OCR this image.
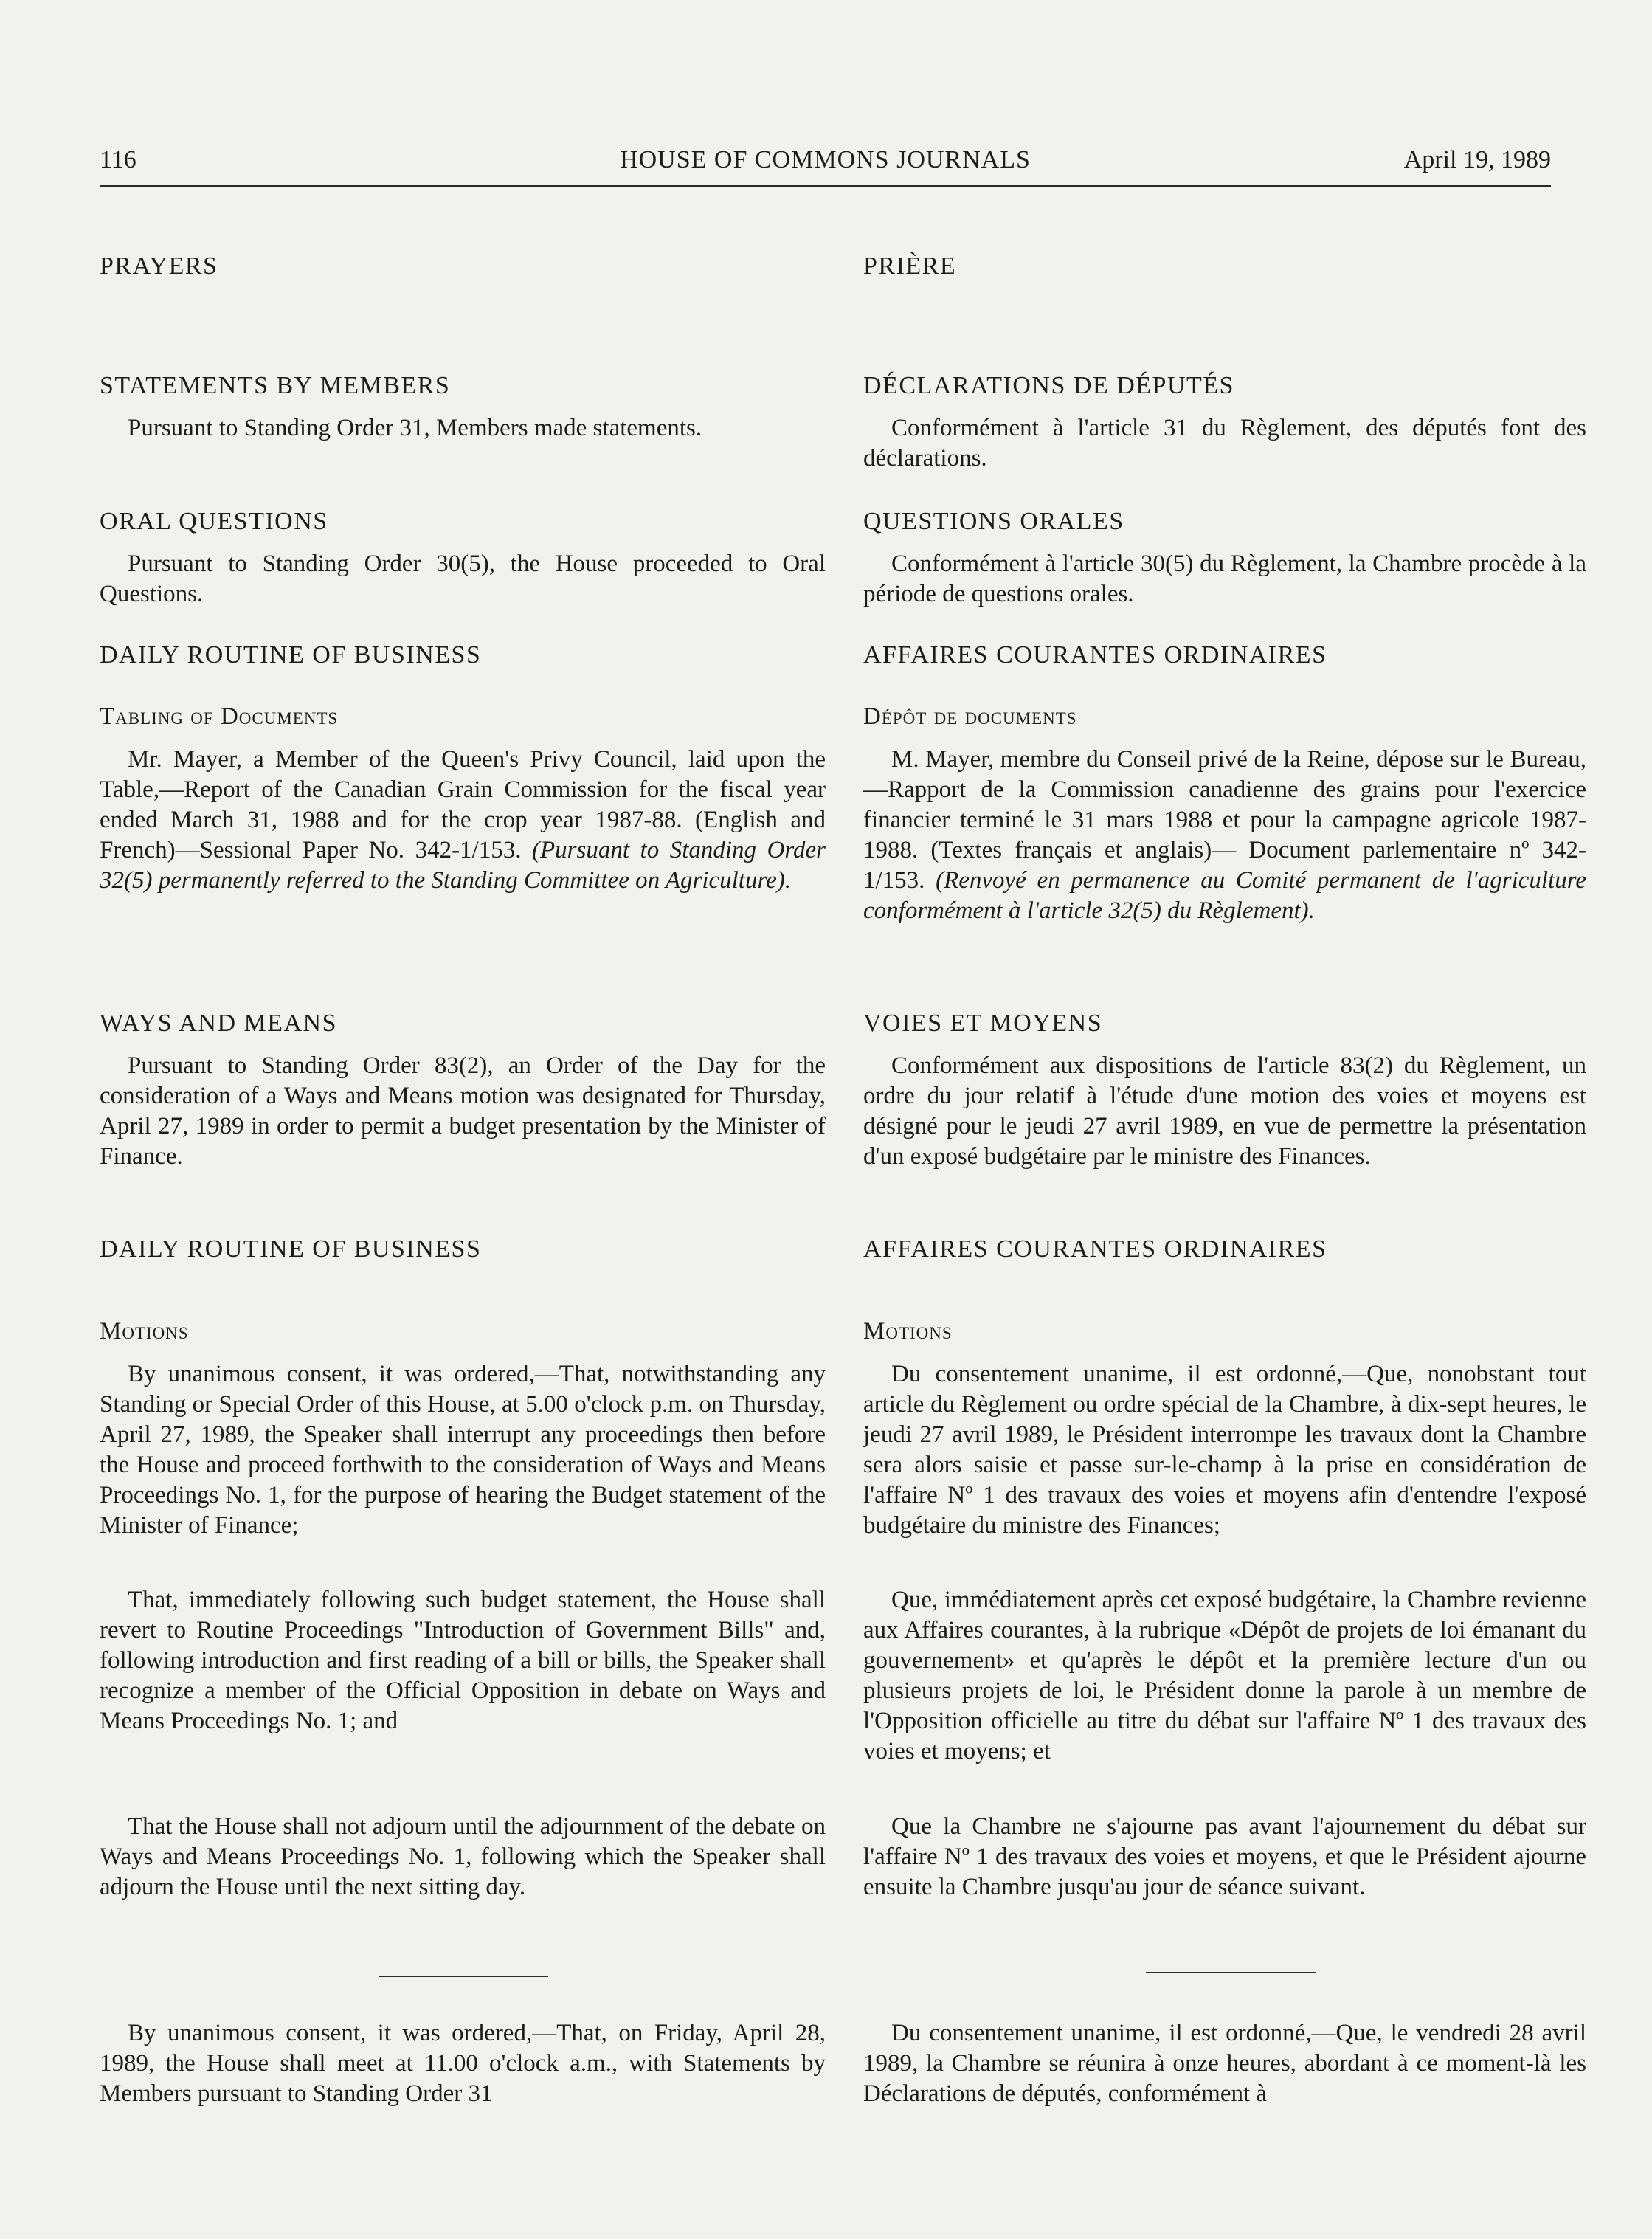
116	HOUSE OF COMMONS JOURNALS	April 19, 1989
PRAYERS
STATEMENTS BY MEMBERS

Pursuant to Standing Order 31, Members made statements.

ORAL QUESTIONS

Pursuant to Standing Order 30(5), the House proceeded to Oral Questions.

DAILY ROUTINE OF BUSINESS
Tabling of Documents

Mr. Mayer, a Member of the Queen's Privy Council, laid upon the Table,—Report of the Canadian Grain Commission for the fiscal year ended March 31, 1988 and for the crop year 1987-88. (English and French)—Sessional Paper No. 342-1/153. (Pursuant to Standing Order 32(5) permanently referred to the Standing Committee on Agriculture).

WAYS AND MEANS

Pursuant to Standing Order 83(2), an Order of the Day for the consideration of a Ways and Means motion was designated for Thursday, April 27, 1989 in order to permit a budget presentation by the Minister of Finance.

DAILY ROUTINE OF BUSINESS
Motions

By unanimous consent, it was ordered,—That, notwithstanding any Standing or Special Order of this House, at 5.00 o'clock p.m. on Thursday, April 27, 1989, the Speaker shall interrupt any proceedings then before the House and proceed forthwith to the consideration of Ways and Means Proceedings No. 1, for the purpose of hearing the Budget statement of the Minister of Finance;

That, immediately following such budget statement, the House shall revert to Routine Proceedings "Introduction of Government Bills" and, following introduction and first reading of a bill or bills, the Speaker shall recognize a member of the Official Opposition in debate on Ways and Means Proceedings No. 1; and

That the House shall not adjourn until the adjournment of the debate on Ways and Means Proceedings No. 1, following which the Speaker shall adjourn the House until the next sitting day.

By unanimous consent, it was ordered,—That, on Friday, April 28, 1989, the House shall meet at 11.00 o'clock a.m., with Statements by Members pursuant to Standing Order 31

PRIÈRE
DÉCLARATIONS DE DÉPUTÉS

Conformément à l'article 31 du Règlement, des députés font des déclarations.

QUESTIONS ORALES

Conformément à l'article 30(5) du Règlement, la Chambre procède à la période de questions orales.

AFFAIRES COURANTES ORDINAIRES
Dépôt de documents

M. Mayer, membre du Conseil privé de la Reine, dépose sur le Bureau,—Rapport de la Commission canadienne des grains pour l'exercice financier terminé le 31 mars 1988 et pour la campagne agricole 1987-1988. (Textes français et anglais)— Document parlementaire nº 342-1/153. (Renvoyé en permanence au Comité permanent de l'agriculture conformément à l'article 32(5) du Règlement).

VOIES ET MOYENS

Conformément aux dispositions de l'article 83(2) du Règlement, un ordre du jour relatif à l'étude d'une motion des voies et moyens est désigné pour le jeudi 27 avril 1989, en vue de permettre la présentation d'un exposé budgétaire par le ministre des Finances.

AFFAIRES COURANTES ORDINAIRES
Motions

Du consentement unanime, il est ordonné,—Que, nonobstant tout article du Règlement ou ordre spécial de la Chambre, à dix-sept heures, le jeudi 27 avril 1989, le Président interrompe les travaux dont la Chambre sera alors saisie et passe sur-le-champ à la prise en considération de l'affaire Nº 1 des travaux des voies et moyens afin d'entendre l'exposé budgétaire du ministre des Finances;

Que, immédiatement après cet exposé budgétaire, la Chambre revienne aux Affaires courantes, à la rubrique «Dépôt de projets de loi émanant du gouvernement» et qu'après le dépôt et la première lecture d'un ou plusieurs projets de loi, le Président donne la parole à un membre de l'Opposition officielle au titre du débat sur l'affaire Nº 1 des travaux des voies et moyens; et

Que la Chambre ne s'ajourne pas avant l'ajournement du débat sur l'affaire Nº 1 des travaux des voies et moyens, et que le Président ajourne ensuite la Chambre jusqu'au jour de séance suivant.

Du consentement unanime, il est ordonné,—Que, le vendredi 28 avril 1989, la Chambre se réunira à onze heures, abordant à ce moment-là les Déclarations de députés, conformément à
